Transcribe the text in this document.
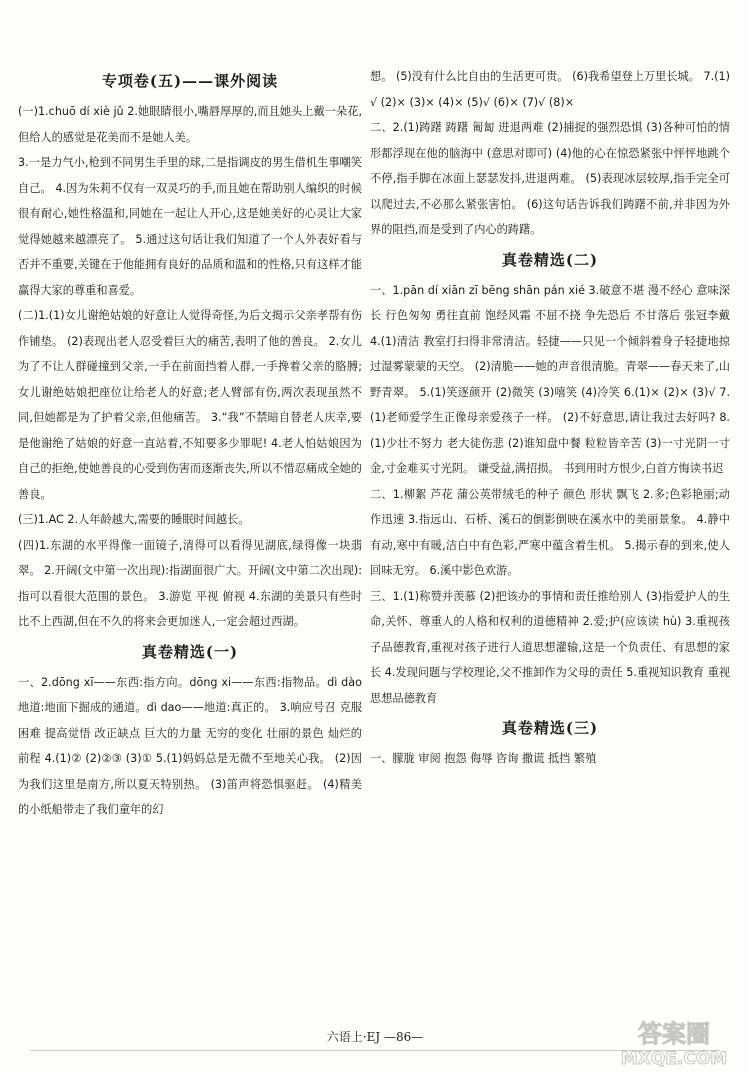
专项卷(五)——课外阅读

(一)1.chuō dí xiè jǔ 2.她眼睛很小,嘴唇厚厚的,而且她头上戴一朵花,但给人的感觉是花美而不是她人美。

3.一是力气小,枪到不同男生手里的球,二是指调皮的男生借机生事嘲笑自己。 4.因为朱莉不仅有一双灵巧的手,而且她在帮助别人编织的时候很有耐心,她性格温和,同她在一起让人开心,这是她美好的心灵让大家觉得她越来越漂亮了。 5.通过这句话让我们知道了一个人外表好看与否并不重要,关键在于他能拥有良好的品质和温和的性格,只有这样才能赢得大家的尊重和喜爱。

(二)1.(1)女儿谢绝姑娘的好意让人觉得奇怪,为后文揭示父亲孝帮有伤作铺垫。 (2)表现出老人忍受着巨大的痛苦,表明了他的善良。 2.女儿为了不让人群碰撞到父亲,一手在前面挡着人群,一手搀着父亲的胳膊;女儿谢绝姑娘把座位让给老人的好意;老人臂部有伤,两次表现虽然不同,但她都是为了护着父亲,但他痛苦。 3.“我”不禁暗自替老人庆幸,要是他谢绝了姑娘的好意一直站着,不知要多少罪呢! 4.老人怕姑娘因为自己的拒绝,使她善良的心受到伤害而逐渐丧失,所以不惜忍痛成全她的善良。

(三)1.AC 2.人年龄越大,需要的睡眠时间越长。

(四)1.东湖的水平得像一面镜子,清得可以看得见湖底,绿得像一块翡翠。 2.开阔(文中第一次出现):指湖面很广大。开阔(文中第二次出现):指可以看很大范围的景色。 3.游览 平视 俯视 4.东湖的美景只有些时比不上西湖,但在不久的将来会更加迷人,一定会超过西湖。

真卷精选(一)

一、2.dōng xī——东西:指方向。dōng xi——东西:指物品。dì dào 地道:地面下掘成的通道。dì dao——地道:真正的。 3.响应号召 克服困难 提高觉悟 改正缺点 巨大的力量 无穷的变化 壮丽的景色 灿烂的前程 4.(1)② (2)②③ (3)① 5.(1)妈妈总是无微不至地关心我。 (2)因为我们这里是南方,所以夏天特别热。 (3)笛声将恐惧驱赶。 (4)精美的小纸船带走了我们童年的幻

想。 (5)没有什么比自由的生活更可贵。 (6)我希望登上万里长城。 7.(1)√ (2)× (3)× (4)× (5)√ (6)× (7)√ (8)×

二、2.(1)踌躇 踌躇 匍匐 进退两难 (2)捕捉的强烈恐惧 (3)各种可怕的情形都浮现在他的脑海中 (意思对即可) (4)他的心在惊恐紧张中怦怦地跳个不停,指手脚在冰面上瑟瑟发抖,进退两难。 (5)表现冰层较厚,指手完全可以爬过去,不必那么紧张害怕。 (6)这句话告诉我们踌躇不前,并非因为外界的阻挡,而是受到了内心的踌躇。

真卷精选(二)

一、1.pān dí xiān zī bēng shān pán xié 3.破意不堪 漫不经心 意味深长 行色匆匆 勇往直前 饱经风霜 不屈不挠 争先恐后 不甘落后 张冠李戴 4.(1)清洁 教室打扫得非常清洁。轻捷——只见一个倾斜着身子轻捷地掠过湿雾蒙蒙的天空。 (2)清脆——她的声音很清脆。青翠——春天来了,山野青翠。 5.(1)笑逐颜开 (2)微笑 (3)嘻笑 (4)冷笑 6.(1)× (2)× (3)√ 7.(1)老师爱学生正像母亲爱孩子一样。 (2)不好意思,请让我过去好吗? 8.(1)少壮不努力 老大徒伤悲 (2)谁知盘中餐 粒粒皆辛苦 (3)一寸光阴一寸金,寸金难买寸光阴。 谦受益,满招损。 书到用时方恨少,白首方悔读书迟

二、1.柳絮 芦花 蒲公英带绒毛的种子 颜色 形状 飘飞 2.多;色彩艳丽;动作迅速 3.指远山、石桥、溪石的倒影倒映在溪水中的美丽景象。 4.静中有动,寒中有暖,洁白中有色彩,严寒中蕴含着生机。 5.揭示春的到来,使人回味无穷。 6.溪中影色欢游。

三、1.(1)称赞并羡慕 (2)把该办的事情和责任推给别人 (3)指爱护人的生命,关怀、尊重人的人格和权利的道德精神 2.爱;护(应该读 hù) 3.重视孩子品德教育,重视对孩子进行人道思想灌输,这是一个负责任、有思想的家长 4.发现问题与学校理论,父不推卸作为父母的责任 5.重视知识教育 重视思想品德教育

真卷精选(三)

一、朦胧 审阅 抱怨 侮辱 咨询 撒谎 抵挡 繁殖

六语上·EJ —86—	答案圈
MXQE.COM
